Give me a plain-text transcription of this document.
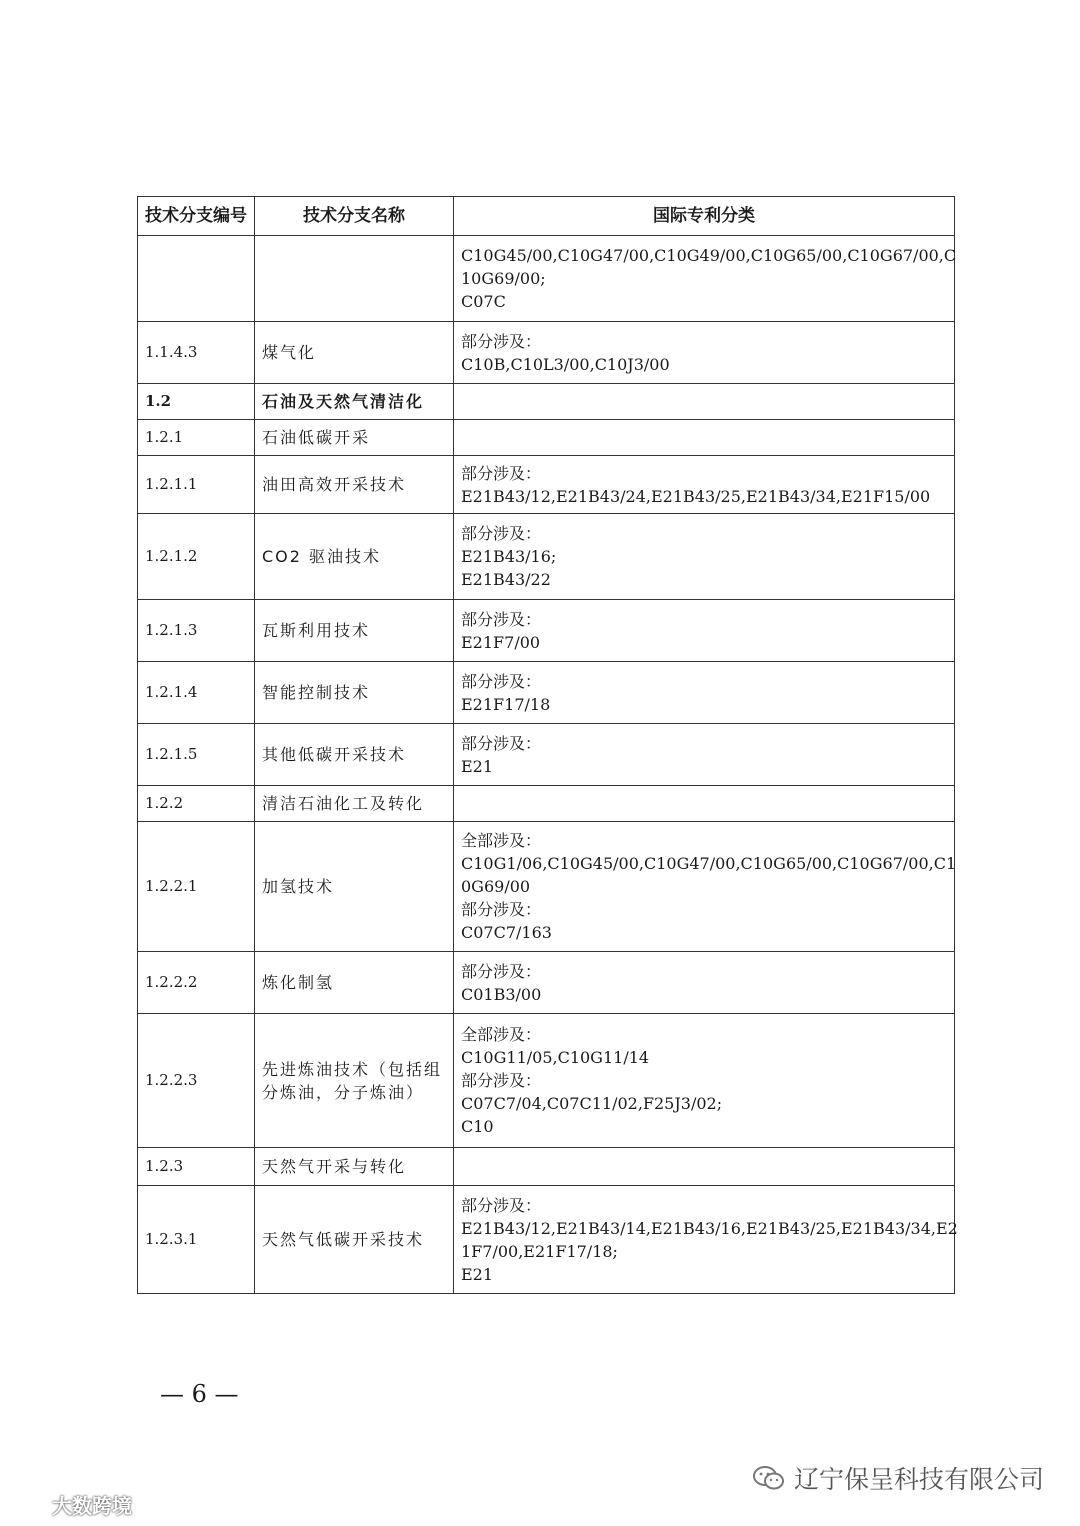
技术分支编号	技术分支名称	国际专利分类

		C10G45/00,C10G47/00,C10G49/00,C10G65/00,C10G67/00,C
10G69/00;
C07C

1.1.4.3	煤气化	部分涉及：
C10B,C10L3/00,C10J3/00

1.2	石油及天然气清洁化	
1.2.1	石油低碳开采	
1.2.1.1	油田高效开采技术	部分涉及：
E21B43/12,E21B43/24,E21B43/25,E21B43/34,E21F15/00

1.2.1.2	CO2 驱油技术	部分涉及：
E21B43/16;
E21B43/22

1.2.1.3	瓦斯利用技术	部分涉及：
E21F7/00

1.2.1.4	智能控制技术	部分涉及：
E21F17/18

1.2.1.5	其他低碳开采技术	部分涉及：
E21

1.2.2	清洁石油化工及转化	
1.2.2.1	加氢技术	全部涉及：
C10G1/06,C10G45/00,C10G47/00,C10G65/00,C10G67/00,C1
0G69/00
部分涉及：
C07C7/163

1.2.2.2	炼化制氢	部分涉及：
C01B3/00

1.2.2.3	先进炼油技术（包括组分炼油，分子炼油）	全部涉及：
C10G11/05,C10G11/14
部分涉及：
C07C7/04,C07C11/02,F25J3/02;
C10

1.2.3	天然气开采与转化	
1.2.3.1	天然气低碳开采技术	部分涉及：
E21B43/12,E21B43/14,E21B43/16,E21B43/25,E21B43/34,E2
1F7/00,E21F17/18;
E21
— 6 —
辽宁保呈科技有限公司
大数跨境
